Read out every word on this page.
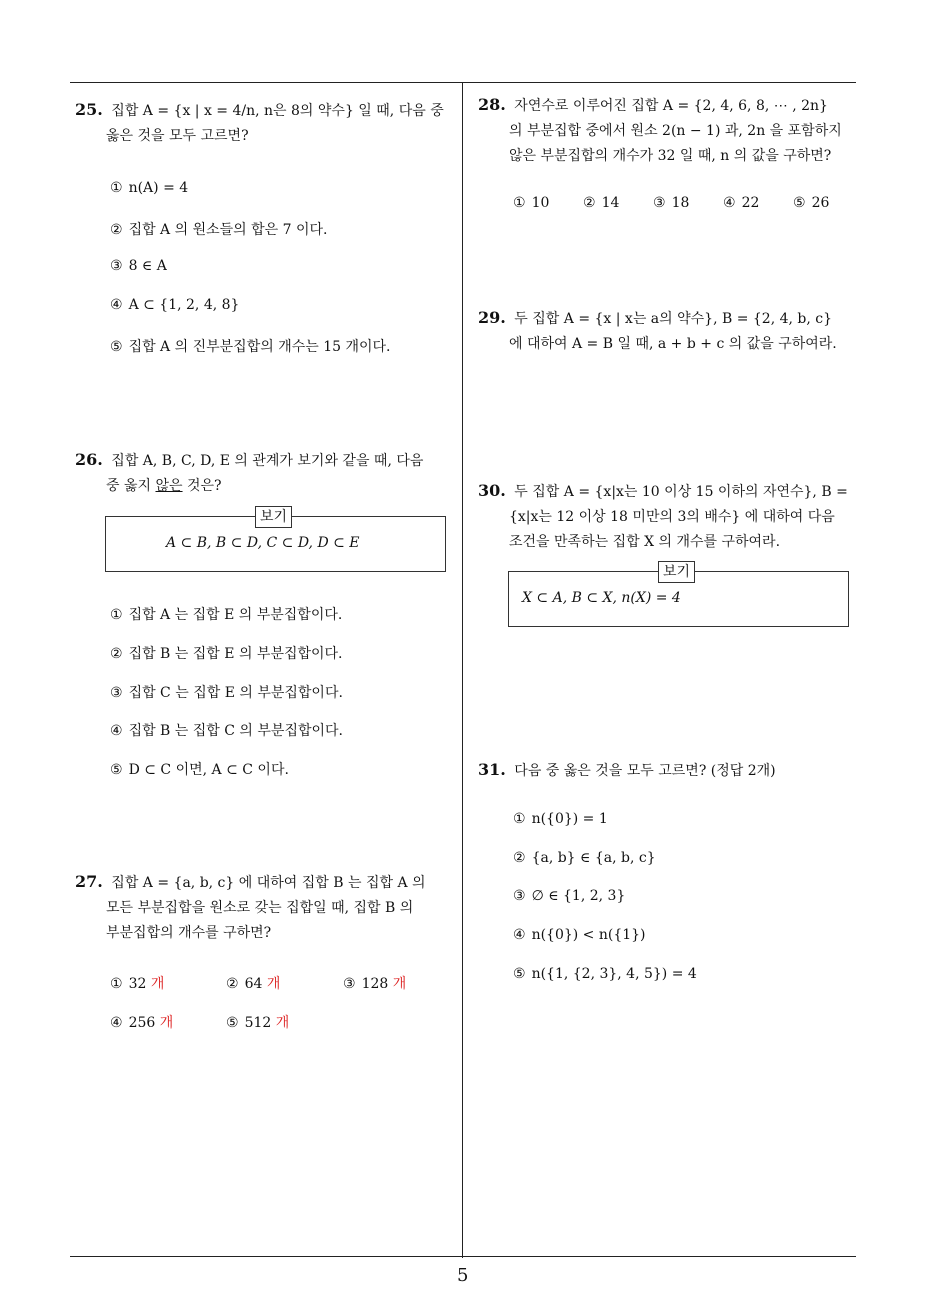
5
25. 집합 A = {x | x = 4/n, n은 8의 약수} 일 때, 다음 중
옳은 것을 모두 고르면?
① n(A) = 4
② 집합 A 의 원소들의 합은 7 이다.
③ 8 ∈ A
④ A ⊂ {1, 2, 4, 8}
⑤ 집합 A 의 진부분집합의 개수는 15 개이다.
26. 집합 A, B, C, D, E 의 관계가 보기와 같을 때, 다음
중 옳지 않은 것은?
보기
A ⊂ B, B ⊂ D, C ⊂ D, D ⊂ E
① 집합 A 는 집합 E 의 부분집합이다.
② 집합 B 는 집합 E 의 부분집합이다.
③ 집합 C 는 집합 E 의 부분집합이다.
④ 집합 B 는 집합 C 의 부분집합이다.
⑤ D ⊂ C 이면, A ⊂ C 이다.
27. 집합 A = {a, b, c} 에 대하여 집합 B 는 집합 A 의
모든 부분집합을 원소로 갖는 집합일 때, 집합 B 의
부분집합의 개수를 구하면?
① 32 개	② 64 개	③ 128 개
④ 256 개	⑤ 512 개
28. 자연수로 이루어진 집합 A = {2, 4, 6, 8, ⋯ , 2n}
의 부분집합 중에서 원소 2(n − 1) 과, 2n 을 포함하지
않은 부분집합의 개수가 32 일 때, n 의 값을 구하면?
① 10 ② 14 ③ 18 ④ 22 ⑤ 26
29. 두 집합 A = {x | x는 a의 약수}, B = {2, 4, b, c}
에 대하여 A = B 일 때, a + b + c 의 값을 구하여라.
30. 두 집합 A = {x|x는 10 이상 15 이하의 자연수}, B =
{x|x는 12 이상 18 미만의 3의 배수} 에 대하여 다음
조건을 만족하는 집합 X 의 개수를 구하여라.
보기
X ⊂ A, B ⊂ X, n(X) = 4
31. 다음 중 옳은 것을 모두 고르면? (정답 2개)
① n({0}) = 1
② {a, b} ∈ {a, b, c}
③ ∅ ∈ {1, 2, 3}
④ n({0}) < n({1})
⑤ n({1, {2, 3}, 4, 5}) = 4
